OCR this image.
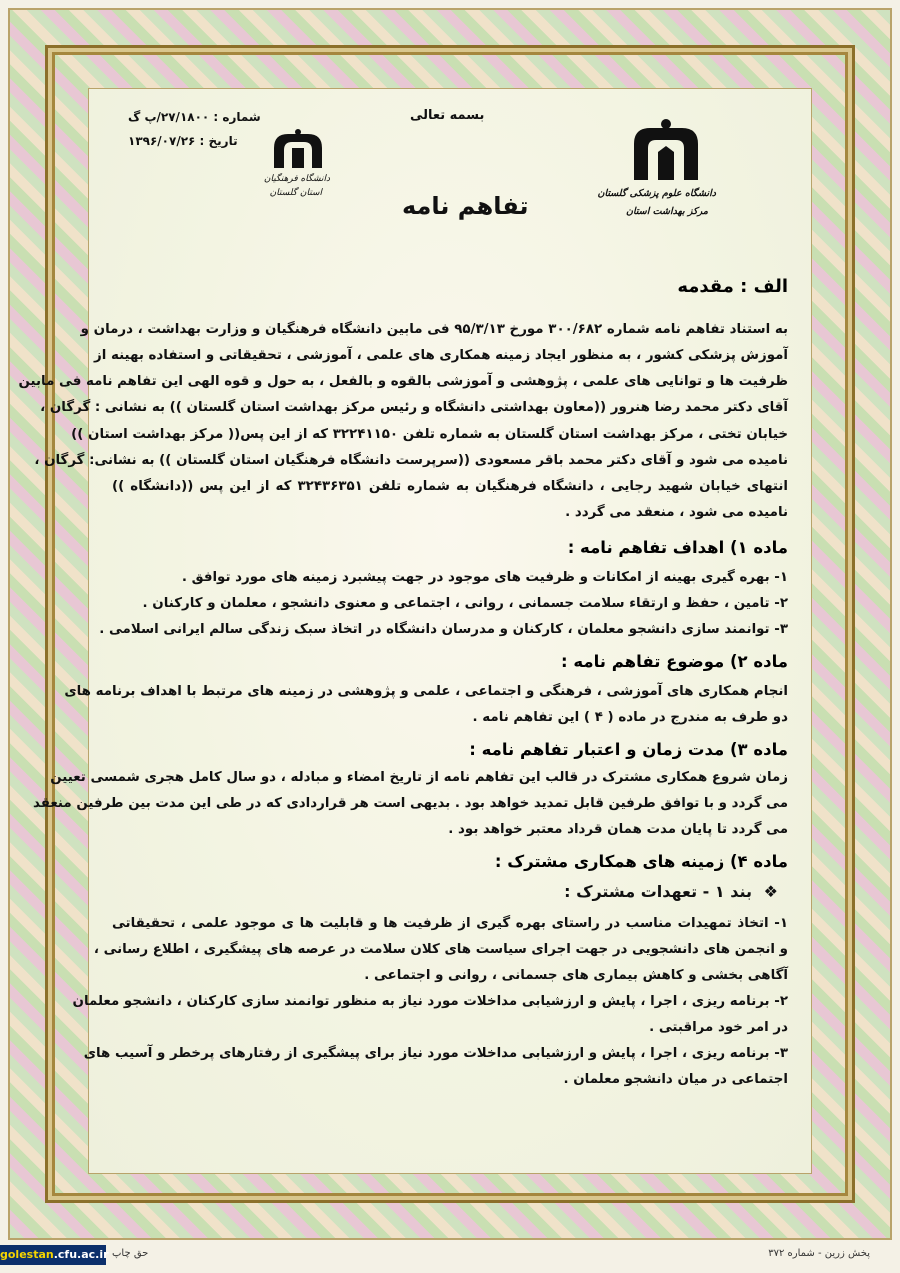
بسمه تعالی
تفاهم نامه
شماره : ۲۷/۱۸۰۰/پ گ
تاریخ : ۱۳۹۶/۰۷/۲۶
دانشگاه فرهنگیان
استان گلستان	دانشگاه علوم پزشکی گلستان
مرکز بهداشت استان
الف : مقدمه
به استناد تفاهم نامه شماره ۳۰۰/۶۸۲ مورخ ۹۵/۳/۱۳ فی مابین دانشگاه فرهنگیان و وزارت بهداشت ، درمان و
آموزش پزشکی کشور ، به منظور ایجاد زمینه همکاری های علمی ، آموزشی ، تحقیقاتی و استفاده بهینه از
ظرفیت ها و توانایی های علمی ، پژوهشی و آموزشی بالقوه و بالفعل ، به حول و قوه الهی این تفاهم نامه فی مابین
آقای دکتر محمد رضا هنرور ((معاون بهداشتی دانشگاه و رئیس مرکز بهداشت استان گلستان )) به نشانی : گرگان ،
خیابان تختی ، مرکز بهداشت استان گلستان به شماره تلفن ۳۲۲۴۱۱۵۰ که از این پس(( مرکز بهداشت استان ))
نامیده می شود و آقای دکتر محمد باقر مسعودی ((سرپرست دانشگاه فرهنگیان استان گلستان )) به نشانی: گرگان ،
انتهای خیابان شهید رجایی ، دانشگاه فرهنگیان به شماره تلفن ۳۲۴۳۶۳۵۱ که از این پس ((دانشگاه ))
نامیده می شود ، منعقد می گردد .
ماده ۱) اهداف تفاهم نامه :
۱- بهره گیری بهینه از امکانات و ظرفیت های موجود در جهت پیشبرد زمینه های مورد توافق .
۲- تامین ، حفظ و ارتقاء سلامت جسمانی ، روانی ، اجتماعی و معنوی دانشجو ، معلمان و کارکنان .
۳- توانمند سازی دانشجو معلمان ، کارکنان و مدرسان دانشگاه در اتخاذ سبک زندگی سالم ایرانی اسلامی .
ماده ۲) موضوع تفاهم نامه :
انجام همکاری های آموزشی ، فرهنگی و اجتماعی ، علمی و پژوهشی در زمینه های مرتبط با اهداف برنامه های
دو طرف به مندرج در ماده ( ۴ ) این تفاهم نامه .
ماده ۳) مدت زمان و اعتبار تفاهم نامه :
زمان شروع همکاری مشترک در قالب این تفاهم نامه از تاریخ امضاء و مبادله ، دو سال کامل هجری شمسی تعیین
می گردد و با توافق طرفین قابل تمدید خواهد بود . بدیهی است هر قراردادی که در طی این مدت بین طرفین منعقد
می گردد تا پایان مدت همان قرداد معتبر خواهد بود .
ماده ۴) زمینه های همکاری مشترک :
❖
بند ۱ - تعهدات مشترک :
۱- اتخاذ تمهیدات مناسب در راستای بهره گیری از ظرفیت ها و قابلیت ها ی موجود علمی ، تحقیقاتی
و انجمن های دانشجویی در جهت اجرای سیاست های کلان سلامت در عرصه های پیشگیری ، اطلاع رسانی ،
آگاهی بخشی و کاهش بیماری های جسمانی ، روانی و اجتماعی .
۲- برنامه ریزی ، اجرا ، پایش و ارزشیابی مداخلات مورد نیاز به منظور توانمند سازی کارکنان ، دانشجو معلمان
در امر خود مراقبتی .
۳- برنامه ریزی ، اجرا ، پایش و ارزشیابی مداخلات مورد نیاز برای پیشگیری از رفتارهای پرخطر و آسیب های
اجتماعی در میان دانشجو معلمان .
پخش زرین - شماره ۳۷۲
حق چاپ
golestan.cfu.ac.ir
